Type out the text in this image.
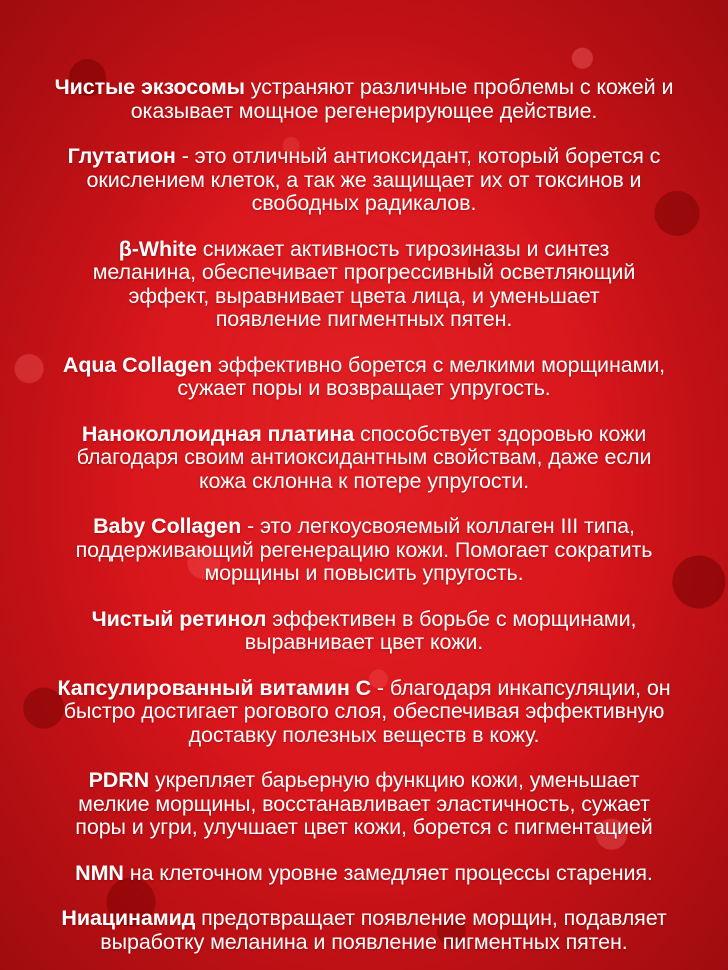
Чистые экзосомы устраняют различные проблемы с кожей и
оказывает мощное регенерирующее действие.

Глутатион - это отличный антиоксидант, который борется с
окислением клеток, а так же защищает их от токсинов и
свободных радикалов.

β-White снижает активность тирозиназы и синтез
меланина, обеспечивает прогрессивный осветляющий
эффект, выравнивает цвета лица, и уменьшает
появление пигментных пятен.

Aqua Collagen эффективно борется с мелкими морщинами,
сужает поры и возвращает упругость.

Наноколлоидная платина способствует здоровью кожи
благодаря своим антиоксидантным свойствам, даже если
кожа склонна к потере упругости.

Baby Collagen - это легкоусвояемый коллаген III типа,
поддерживающий регенерацию кожи. Помогает сократить
морщины и повысить упругость.

Чистый ретинол эффективен в борьбе с морщинами,
выравнивает цвет кожи.

Капсулированный витамин С - благодаря инкапсуляции, он
быстро достигает рогового слоя, обеспечивая эффективную
доставку полезных веществ в кожу.

PDRN укрепляет барьерную функцию кожи, уменьшает
мелкие морщины, восстанавливает эластичность, сужает
поры и угри, улучшает цвет кожи, борется с пигментацией

NMN на клеточном уровне замедляет процессы старения.

Ниацинамид предотвращает появление морщин, подавляет
выработку меланина и появление пигментных пятен.
